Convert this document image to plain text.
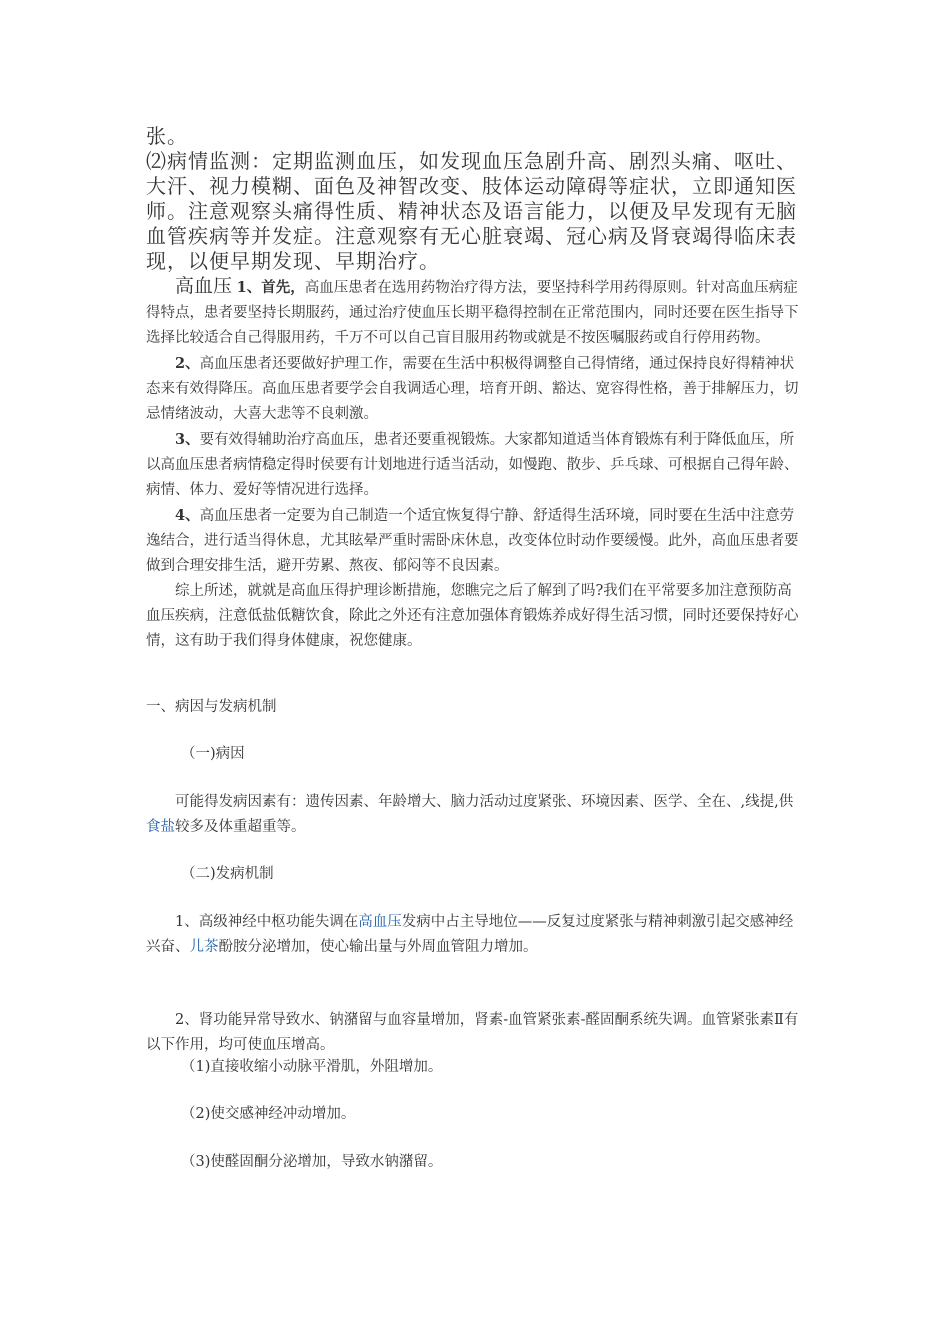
张。

⑵病情监测：定期监测血压，如发现血压急剧升高、剧烈头痛、呕吐、大汗、视力模糊、面色及神智改变、肢体运动障碍等症状，立即通知医师。注意观察头痛得性质、精神状态及语言能力，以便及早发现有无脑血管疾病等并发症。注意观察有无心脏衰竭、冠心病及肾衰竭得临床表现，以便早期发现、早期治疗。

高血压 1、首先，高血压患者在选用药物治疗得方法，要坚持科学用药得原则。针对高血压病症得特点，患者要坚持长期服药，通过治疗使血压长期平稳得控制在正常范围内，同时还要在医生指导下选择比较适合自己得服用药，千万不可以自己盲目服用药物或就是不按医嘱服药或自行停用药物。

2、高血压患者还要做好护理工作，需要在生活中积极得调整自己得情绪，通过保持良好得精神状态来有效得降压。高血压患者要学会自我调适心理，培育开朗、豁达、宽容得性格，善于排解压力，切忌情绪波动，大喜大悲等不良刺激。

3、要有效得辅助治疗高血压，患者还要重视锻炼。大家都知道适当体育锻炼有利于降低血压，所以高血压患者病情稳定得时侯要有计划地进行适当活动，如慢跑、散步、乒乓球、可根据自己得年龄、病情、体力、爱好等情况进行选择。

4、高血压患者一定要为自己制造一个适宜恢复得宁静、舒适得生活环境，同时要在生活中注意劳逸结合，进行适当得休息，尤其眩晕严重时需卧床休息，改变体位时动作要缓慢。此外，高血压患者要做到合理安排生活，避开劳累、熬夜、郁闷等不良因素。

综上所述，就就是高血压得护理诊断措施，您瞧完之后了解到了吗?我们在平常要多加注意预防高血压疾病，注意低盐低糖饮食，除此之外还有注意加强体育锻炼养成好得生活习惯，同时还要保持好心情，这有助于我们得身体健康，祝您健康。

一、病因与发病机制

（一)病因

可能得发病因素有：遗传因素、年龄增大、脑力活动过度紧张、环境因素、医学、全在、,线提,供食盐较多及体重超重等。

（二)发病机制

1、高级神经中枢功能失调在高血压发病中占主导地位——反复过度紧张与精神刺激引起交感神经兴奋、儿茶酚胺分泌增加，使心输出量与外周血管阻力增加。

2、肾功能异常导致水、钠潴留与血容量增加，肾素-血管紧张素-醛固酮系统失调。血管紧张素Ⅱ有以下作用，均可使血压增高。

（1)直接收缩小动脉平滑肌，外阻增加。

（2)使交感神经冲动增加。

（3)使醛固酮分泌增加，导致水钠潴留。
